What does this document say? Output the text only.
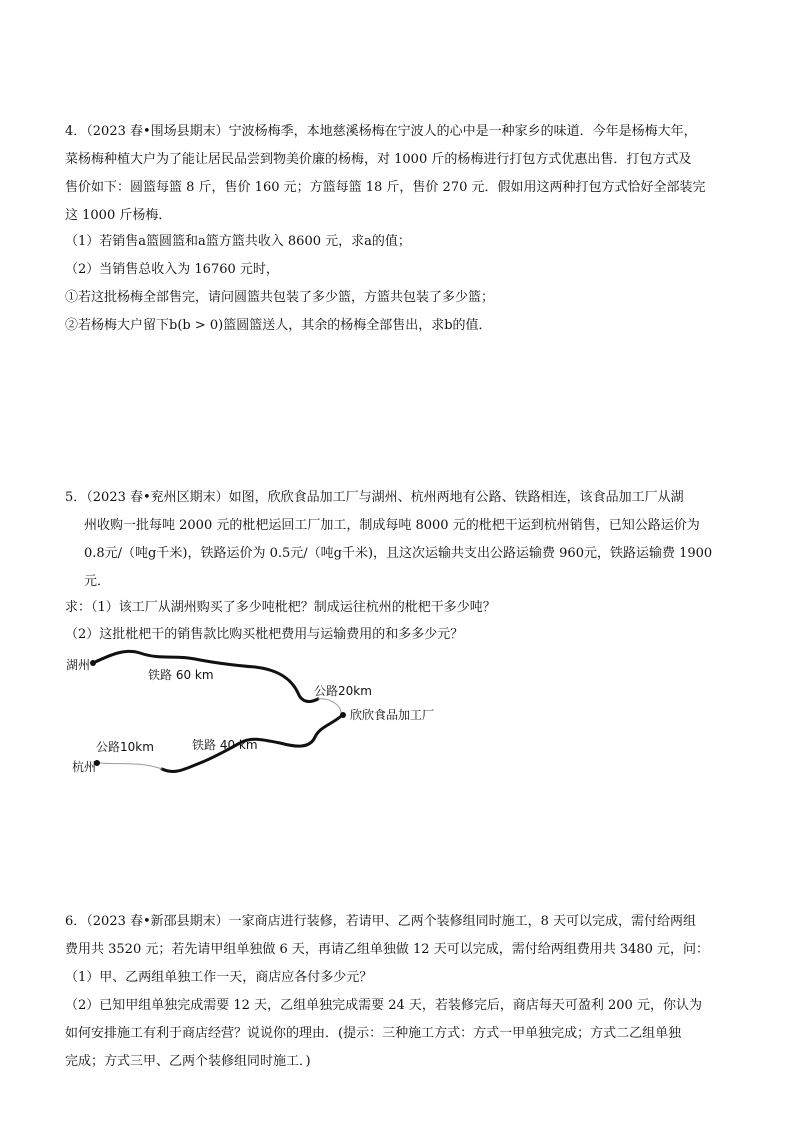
4．（2023 春•围场县期末）宁波杨梅季，本地慈溪杨梅在宁波人的心中是一种家乡的味道．今年是杨梅大年，
菜杨梅种植大户为了能让居民品尝到物美价廉的杨梅，对 1000 斤的杨梅进行打包方式优惠出售．打包方式及
售价如下：圆篮每篮 8 斤，售价 160 元；方篮每篮 18 斤，售价 270 元．假如用这两种打包方式恰好全部装完
这 1000 斤杨梅．
（1）若销售a篮圆篮和a篮方篮共收入 8600 元，求a的值；
（2）当销售总收入为 16760 元时，
①若这批杨梅全部售完，请问圆篮共包装了多少篮，方篮共包装了多少篮；
②若杨梅大户留下b(b > 0)篮圆篮送人，其余的杨梅全部售出，求b的值．
5．（2023 春•兖州区期末）如图，欣欣食品加工厂与湖州、杭州两地有公路、铁路相连，该食品加工厂从湖
州收购一批每吨 2000 元的枇杷运回工厂加工，制成每吨 8000 元的枇杷干运到杭州销售，已知公路运价为
0.8元/（吨g千米)，铁路运价为 0.5元/（吨g千米)，且这次运输共支出公路运输费 960元，铁路运输费 1900
元．
求：（1）该工厂从湖州购买了多少吨枇杷？制成运往杭州的枇杷干多少吨？
（2）这批枇杷干的销售款比购买枇杷费用与运输费用的和多多少元？
湖州
铁路 60 km
公路20km
欣欣食品加工厂
公路10km	铁路 40 km
杭州
6．（2023 春•新邵县期末）一家商店进行装修，若请甲、乙两个装修组同时施工，8 天可以完成，需付给两组
费用共 3520 元；若先请甲组单独做 6 天，再请乙组单独做 12 天可以完成，需付给两组费用共 3480 元，问：
（1）甲、乙两组单独工作一天，商店应各付多少元？
（2）已知甲组单独完成需要 12 天，乙组单独完成需要 24 天，若装修完后，商店每天可盈利 200 元，你认为
如何安排施工有利于商店经营？说说你的理由．(提示：三种施工方式：方式一甲单独完成；方式二乙组单独
完成；方式三甲、乙两个装修组同时施工．)
